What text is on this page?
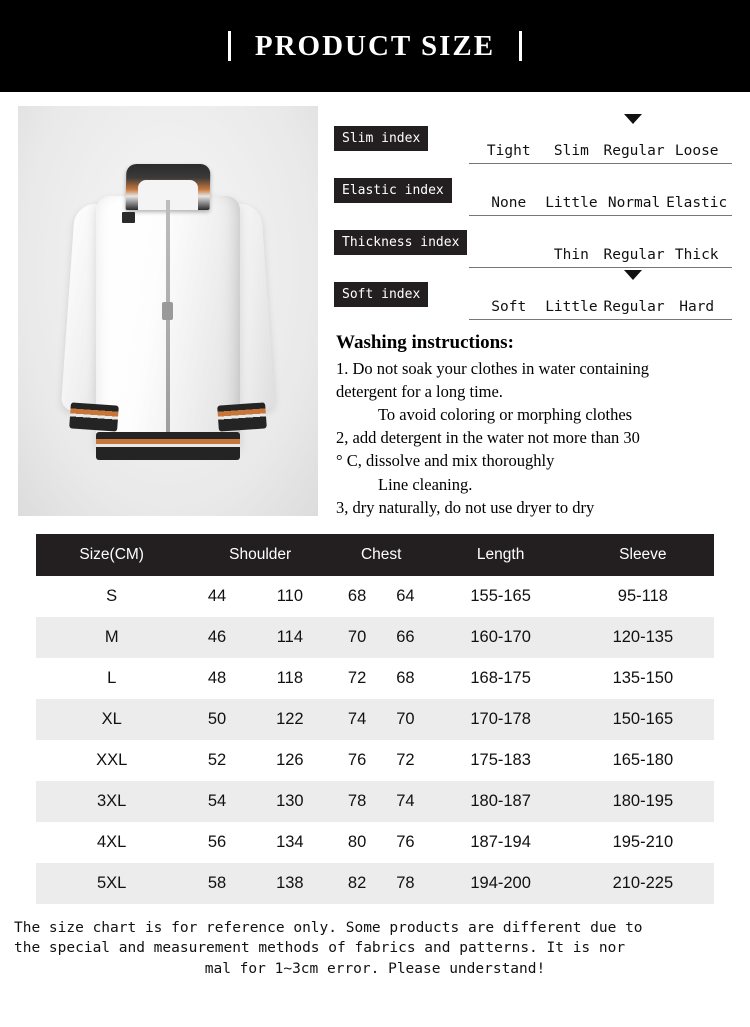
PRODUCT SIZE
Slim index	Tight Slim Regular Loose

Elastic index	None Little Normal Elastic

Thickness index	Thin Regular Thick

Soft index	Soft Little Regular Hard
Washing instructions:

1. Do not soak your clothes in water containing

detergent for a long time.

To avoid coloring or morphing clothes

2, add detergent in the water not more than 30

° C, dissolve and mix thoroughly

Line cleaning.

3, dry naturally, do not use dryer to dry

Size(CM)	Shoulder		Chest		Length	Sleeve
S	44	110	68	64	155-165	95-118
M	46	114	70	66	160-170	120-135
L	48	118	72	68	168-175	135-150
XL	50	122	74	70	170-178	150-165
XXL	52	126	76	72	175-183	165-180
3XL	54	130	78	74	180-187	180-195
4XL	56	134	80	76	187-194	195-210
5XL	58	138	82	78	194-200	210-225
The size chart is for reference only. Some products are different due to
the special and measurement methods of fabrics and patterns. It is nor
mal for 1~3cm error. Please understand!
